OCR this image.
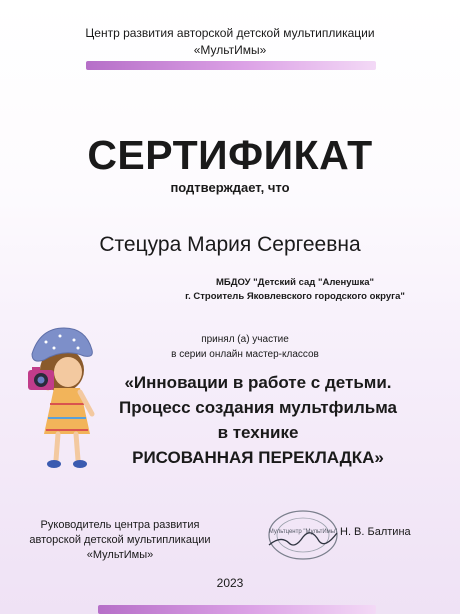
Центр развития авторской детской мультипликации
«МультИмы»
СЕРТИФИКАТ
подтверждает, что
Стецура Мария Сергеевна
МБДОУ "Детский сад "Аленушка"
г. Строитель Яковлевского городского округа"
принял (а) участие
в серии онлайн мастер-классов
«Инновации в работе с детьми.
Процесс создания мультфильма
в технике
РИСОВАННАЯ ПЕРЕКЛАДКА»
Руководитель центра развития
авторской детской мультипликации
«МультИмы»
Мультцентр "МультИмы" Н. В. Балтина
2023
